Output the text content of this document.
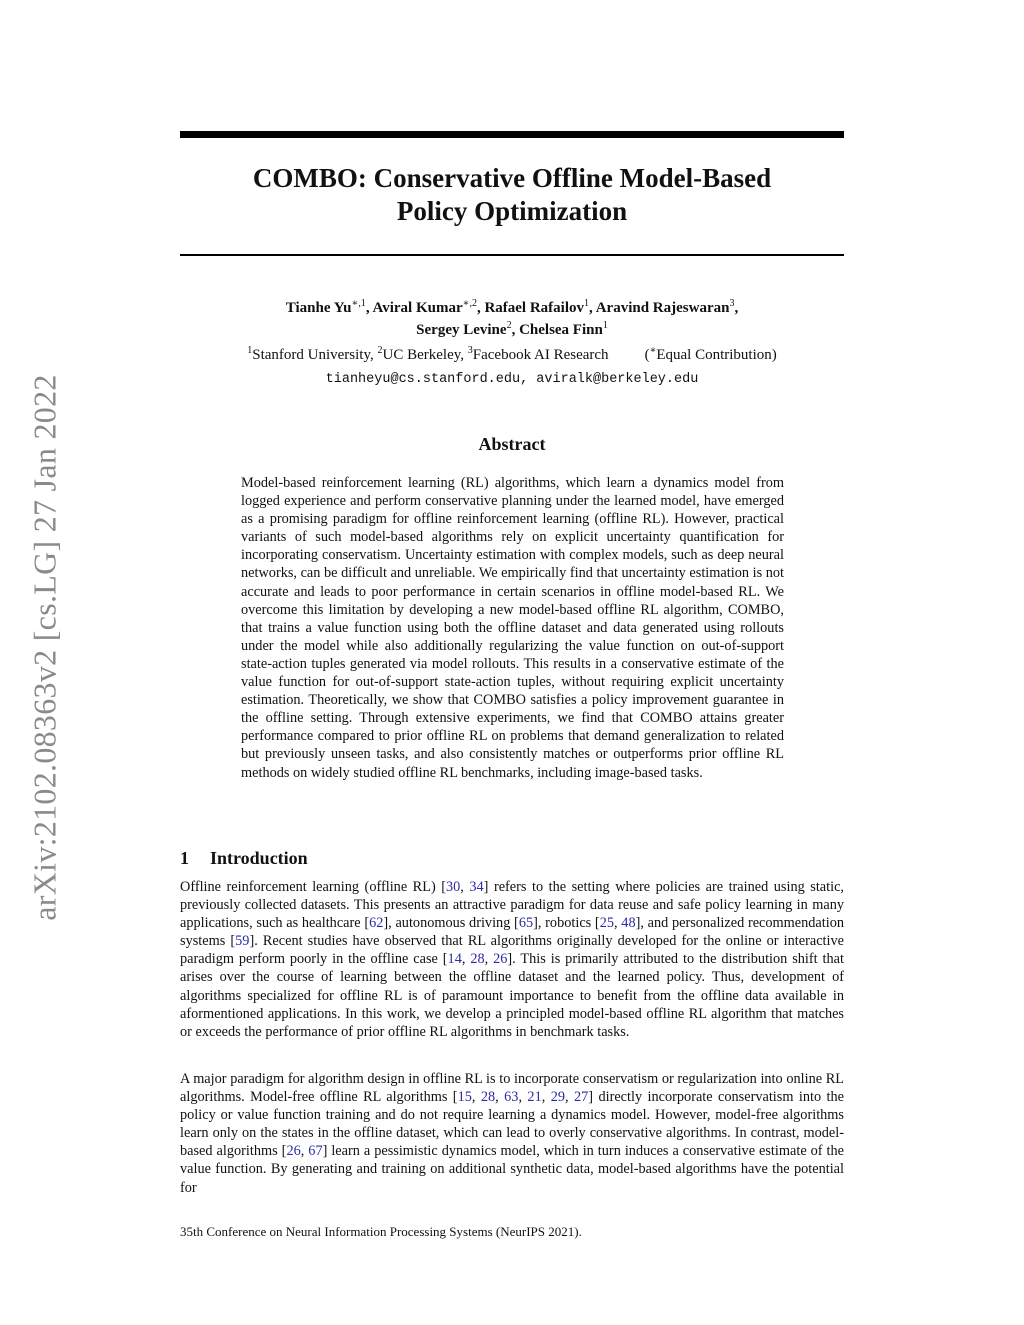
arXiv:2102.08363v2 [cs.LG] 27 Jan 2022
COMBO: Conservative Offline Model-Based
Policy Optimization
Tianhe $Yu^{∗,1}$, Aviral Kumar$^{∗,2}$, Rafael Rafailov$^1$, Aravind Rajeswaran$^3$,
Sergey Levine$^2$, Chelsea Finn$^1$
$^1$Stanford University, $^2$UC Berkeley, $^3$Facebook AI Research (∗Equal Contribution)
tianheyu@cs.stanford.edu, aviralk@berkeley.edu
Abstract

Model-based reinforcement learning (RL) algorithms, which learn a dynamics model from logged experience and perform conservative planning under the learned model, have emerged as a promising paradigm for offline reinforcement learning (offline RL). However, practical variants of such model-based algorithms rely on explicit uncertainty quantification for incorporating conservatism. Uncertainty estimation with complex models, such as deep neural networks, can be difficult and unreliable. We empirically find that uncertainty estimation is not accurate and leads to poor performance in certain scenarios in offline model-based RL. We overcome this limitation by developing a new model-based offline RL algorithm, COMBO, that trains a value function using both the offline dataset and data generated using rollouts under the model while also additionally regularizing the value function on out-of-support state-action tuples generated via model rollouts. This results in a conservative estimate of the value function for out-of-support state-action tuples, without requiring explicit uncertainty estimation. Theoretically, we show that COMBO satisfies a policy improvement guarantee in the offline setting. Through extensive experiments, we find that COMBO attains greater performance compared to prior offline RL on problems that demand generalization to related but previously unseen tasks, and also consistently matches or outperforms prior offline RL methods on widely studied offline RL benchmarks, including image-based tasks.

1 Introduction

Offline reinforcement learning (offline RL) [30, 34] refers to the setting where policies are trained using static, previously collected datasets. This presents an attractive paradigm for data reuse and safe policy learning in many applications, such as healthcare [62], autonomous driving [65], robotics [25, 48], and personalized recommendation systems [59]. Recent studies have observed that RL algorithms originally developed for the online or interactive paradigm perform poorly in the offline case [14, 28, 26]. This is primarily attributed to the distribution shift that arises over the course of learning between the offline dataset and the learned policy. Thus, development of algorithms specialized for offline RL is of paramount importance to benefit from the offline data available in aformentioned applications. In this work, we develop a principled model-based offline RL algorithm that matches or exceeds the performance of prior offline RL algorithms in benchmark tasks.

A major paradigm for algorithm design in offline RL is to incorporate conservatism or regularization into online RL algorithms. Model-free offline RL algorithms [15, 28, 63, 21, 29, 27] directly incorporate conservatism into the policy or value function training and do not require learning a dynamics model. However, model-free algorithms learn only on the states in the offline dataset, which can lead to overly conservative algorithms. In contrast, model-based algorithms [26, 67] learn a pessimistic dynamics model, which in turn induces a conservative estimate of the value function. By generating and training on additional synthetic data, model-based algorithms have the potential for

35th Conference on Neural Information Processing Systems (NeurIPS 2021).
